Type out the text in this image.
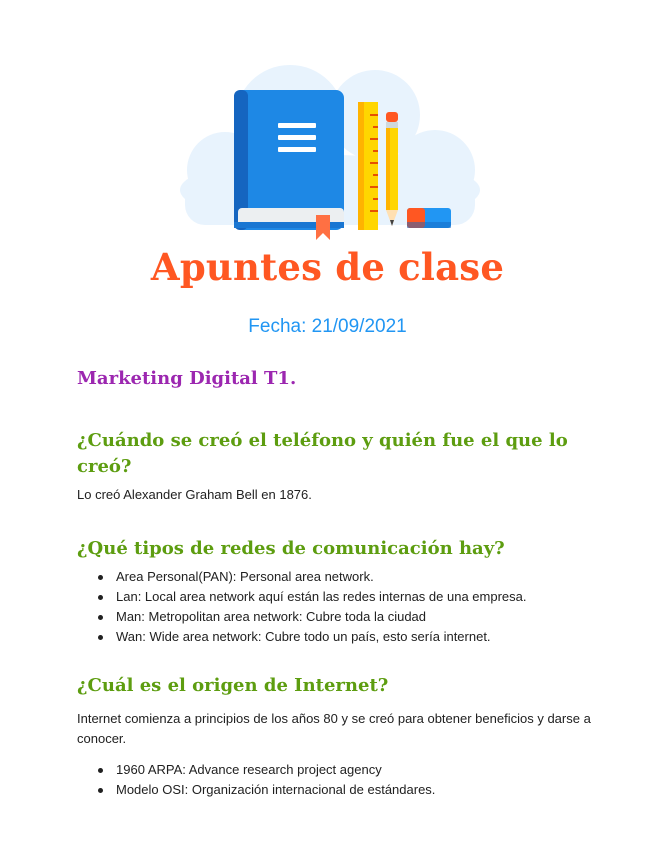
Apuntes de clase
Fecha: 21/09/2021

Marketing Digital T1.

¿Cuándo se creó el teléfono y quién fue el que lo creó?

Lo creó Alexander Graham Bell en 1876.

¿Qué tipos de redes de comunicación hay?

Area Personal(PAN): Personal area network.
Lan: Local area network aquí están las redes internas de una empresa.
Man: Metropolitan area network: Cubre toda la ciudad
Wan: Wide area network: Cubre todo un país, esto sería internet.

¿Cuál es el origen de Internet?

Internet comienza a principios de los años 80 y se creó para obtener beneficios y darse a conocer.

1960 ARPA: Advance research project agency
Modelo OSI: Organización internacional de estándares.
